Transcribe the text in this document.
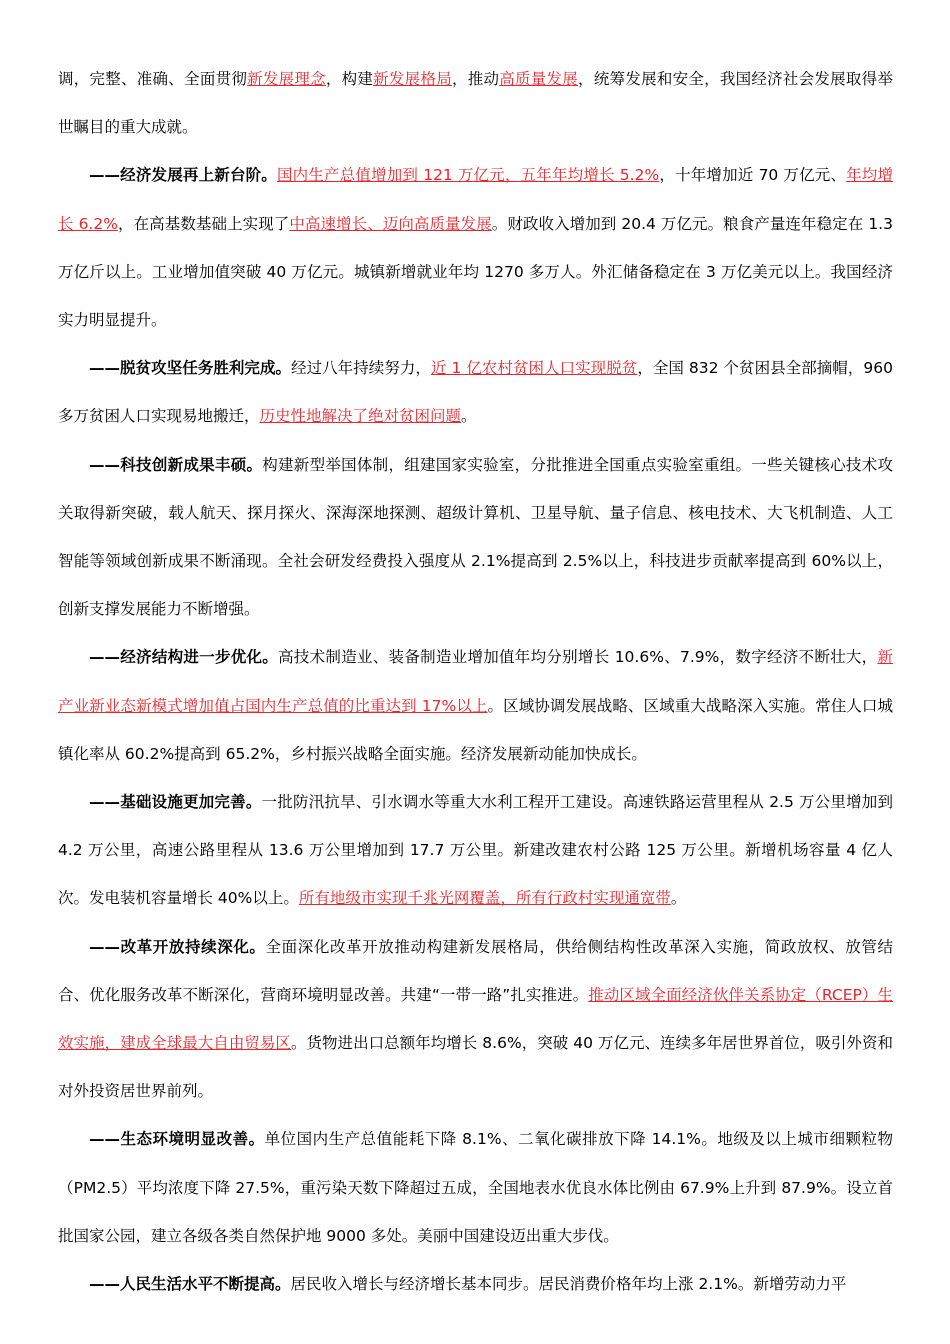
调，完整、准确、全面贯彻新发展理念，构建新发展格局，推动高质量发展，统筹发展和安全，我国经济社会发展取得举世瞩目的重大成就。

——经济发展再上新台阶。国内生产总值增加到 121 万亿元，五年年均增长 5.2%，十年增加近 70 万亿元、年均增长 6.2%，在高基数基础上实现了中高速增长、迈向高质量发展。财政收入增加到 20.4 万亿元。粮食产量连年稳定在 1.3 万亿斤以上。工业增加值突破 40 万亿元。城镇新增就业年均 1270 多万人。外汇储备稳定在 3 万亿美元以上。我国经济实力明显提升。

——脱贫攻坚任务胜利完成。经过八年持续努力，近 1 亿农村贫困人口实现脱贫，全国 832 个贫困县全部摘帽，960 多万贫困人口实现易地搬迁，历史性地解决了绝对贫困问题。

——科技创新成果丰硕。构建新型举国体制，组建国家实验室，分批推进全国重点实验室重组。一些关键核心技术攻关取得新突破，载人航天、探月探火、深海深地探测、超级计算机、卫星导航、量子信息、核电技术、大飞机制造、人工智能等领域创新成果不断涌现。全社会研发经费投入强度从 2.1%提高到 2.5%以上，科技进步贡献率提高到 60%以上，创新支撑发展能力不断增强。

——经济结构进一步优化。高技术制造业、装备制造业增加值年均分别增长 10.6%、7.9%，数字经济不断壮大，新产业新业态新模式增加值占国内生产总值的比重达到 17%以上。区域协调发展战略、区域重大战略深入实施。常住人口城镇化率从 60.2%提高到 65.2%，乡村振兴战略全面实施。经济发展新动能加快成长。

——基础设施更加完善。一批防汛抗旱、引水调水等重大水利工程开工建设。高速铁路运营里程从 2.5 万公里增加到 4.2 万公里，高速公路里程从 13.6 万公里增加到 17.7 万公里。新建改建农村公路 125 万公里。新增机场容量 4 亿人次。发电装机容量增长 40%以上。所有地级市实现千兆光网覆盖，所有行政村实现通宽带。

——改革开放持续深化。全面深化改革开放推动构建新发展格局，供给侧结构性改革深入实施，简政放权、放管结合、优化服务改革不断深化，营商环境明显改善。共建“一带一路”扎实推进。推动区域全面经济伙伴关系协定（RCEP）生效实施，建成全球最大自由贸易区。货物进出口总额年均增长 8.6%，突破 40 万亿元、连续多年居世界首位，吸引外资和对外投资居世界前列。

——生态环境明显改善。单位国内生产总值能耗下降 8.1%、二氧化碳排放下降 14.1%。地级及以上城市细颗粒物（PM2.5）平均浓度下降 27.5%，重污染天数下降超过五成，全国地表水优良水体比例由 67.9%上升到 87.9%。设立首批国家公园，建立各级各类自然保护地 9000 多处。美丽中国建设迈出重大步伐。

——人民生活水平不断提高。居民收入增长与经济增长基本同步。居民消费价格年均上涨 2.1%。新增劳动力平
